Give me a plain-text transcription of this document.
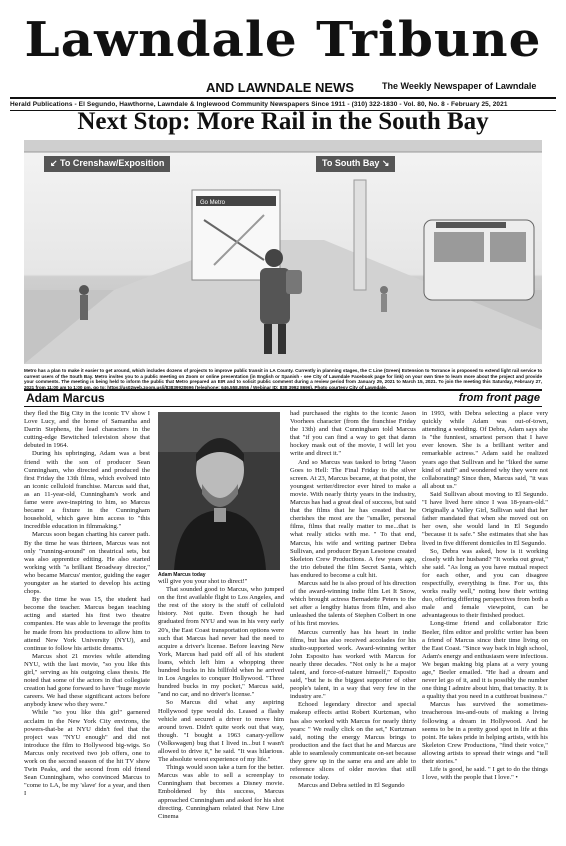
Lawndale Tribune
AND LAWNDALE NEWS	The Weekly Newspaper of Lawndale
Herald Publications - El Segundo, Hawthorne, Lawndale & Inglewood Community Newspapers Since 1911 - (310) 322-1830 - Vol. 80, No. 8 - February 25, 2021
Next Stop: More Rail in the South Bay
Go Metro
↙ To Crenshaw/Exposition	To South Bay ↘
Metro has a plan to make it easier to get around, which includes dozens of projects to improve public transit in LA County. Currently in planning stages, the C Line (Green) Extension to Torrance is proposed to extend light rail service to current users of the South Bay. Metro invites you to a public meeting on Zoom or online presentation (in English or Spanish - see City of Lawndale Facebook page for link) on your own time to learn more about the project and provide your comments. The meeting is being held to inform the public that Metro prepared an EIR and to solicit public comment during a review period from January 29, 2021 to March 15, 2021. To join the meeting this Saturday, February 27, 2021 from 11:00 am to 1:00 pm, go to: https://us02web.zoom.us/j/83839928696 (telephone: 646.558.8656 / Webinar ID: 838 3992 8696). Photo courtesy City of Lawndale.
Adam Marcus	from front page

they fled the Big City in the iconic TV show I Love Lucy, and the home of Samantha and Darrin Stephens, the lead characters in the cutting-edge Bewitched television show that debuted in 1964.

During his upbringing, Adam was a best friend with the son of producer Sean Cunningham, who directed and produced the first Friday the 13th films, which evolved into an iconic celluloid franchise. Marcus said that, as an 11-year-old, Cunningham's work and fame were awe-inspiring to him, so Marcus became a fixture in the Cunningham household, which gave him access to "this incredible education in filmmaking."

Marcus soon began charting his career path. By the time he was thirteen, Marcus was not only "running-around" on theatrical sets, but was also apprentice editing. He also started working with "a brilliant Broadway director," who became Marcus' mentor, guiding the eager youngster as he started to develop his acting chops.

By the time he was 15, the student had become the teacher. Marcus began teaching acting and started his first two theatre companies. He was able to leverage the profits he made from his productions to allow him to attend New York University (NYU), and continue to follow his artistic dreams.

Marcus shot 21 movies while attending NYU, with the last movie, "so you like this girl," serving as his outgoing class thesis. He noted that some of the actors in that collegiate creation had gone forward to have "huge movie careers. We had these significant actors before anybody knew who they were."

While "so you like this girl" garnered acclaim in the New York City environs, the powers-that-be at NYU didn't feel that the project was "NYU enough" and did not introduce the film to Hollywood big-wigs. So Marcus only received two job offers, one to work on the second season of the hit TV show Twin Peaks, and the second from old friend Sean Cunningham, who convinced Marcus to "come to LA, be my 'slave' for a year, and then I

Adam Marcus today

will give you your shot to direct!"

That sounded good to Marcus, who jumped on the first available flight to Los Angeles, and the rest of the story is the stuff of celluloid history. Not quite. Even though he had graduated from NYU and was in his very early 20's, the East Coast transportation options were such that Marcus had never had the need to acquire a driver's license. Before leaving New York, Marcus had paid off all of his student loans, which left him a whopping three hundred bucks in his billfold when he arrived in Los Angeles to conquer Hollywood. "Three hundred bucks in my pocket," Marcus said, "and no car, and no driver's license."

So Marcus did what any aspiring Hollywood type would do. Leased a flashy vehicle and secured a driver to move him around town. Didn't quite work out that way, though. "I bought a 1963 canary-yellow (Volkswagen) bug that I lived in...but I wasn't allowed to drive it," he said. "It was hilarious. The absolute worst experience of my life."

Things would soon take a turn for the better. Marcus was able to sell a screenplay to Cunningham that becomes a Disney movie. Emboldened by this success, Marcus approached Cunningham and asked for his shot directing. Cunningham related that New Line Cinema

had purchased the rights to the iconic Jason Voorhees character (from the franchise Friday the 13th) and that Cunningham told Marcus that "if you can find a way to get that damn hockey mask out of the movie, I will let you write and direct it."

And so Marcus was tasked to bring "Jason Goes to Hell: The Final Friday to the silver screen. At 23, Marcus became, at that point, the youngest writer/director ever hired to make a movie. With nearly thirty years in the industry, Marcus has had a great deal of success, but said that the films that he has created that he cherishes the most are the "smaller, personal films, films that really matter to me...that is what really sticks with me. " To that end, Marcus, his wife and writing partner Debra Sullivan, and producer Bryan Lesotone created Skeleton Crew Productions. A few years ago, the trio debuted the film Secret Santa, which has endured to become a cult hit.

Marcus said he is also proud of his direction of the award-winning indie film Let It Snow, which brought actress Bernadette Peters to the set after a lengthy hiatus from film, and also unleashed the talents of Stephen Colbert in one of his first movies.

Marcus currently has his heart in indie films, but has also received accolades for his studio-supported work. Award-winning writer John Esposito has worked with Marcus for nearly three decades. "Not only is he a major talent, and force-of-nature himself," Esposito said, "but he is the biggest supporter of other people's talent, in a way that very few in the industry are."

Echoed legendary director and special makeup effects artist Robert Kurtzman, who has also worked with Marcus for nearly thirty years: " We really click on the set," Kurtzman said, noting the energy Marcus brings to production and the fact that he and Marcus are able to seamlessly communicate on-set because they grew up in the same era and are able to reference slices of older movies that still resonate today.

Marcus and Debra settled in El Segundo

in 1993, with Debra selecting a place very quickly while Adam was out-of-town, attending a wedding. Of Debra, Adam says she is "the funniest, smartest person that I have ever known. She is a brilliant writer and remarkable actress." Adam said he realized years ago that Sullivan and he "liked the same kind of stuff" and wondered why they were not collaborating? Since then, Marcus said, "it was all about us."

Said Sullivan about moving to El Segundo. "I have lived here since I was 18-years-old." Originally a Valley Girl, Sullivan said that her father mandated that when she moved out on her own, she would land in El Segundo "because it is safe." She estimates that she has lived in five different domiciles in El Segundo.

So, Debra was asked, how is it working closely with her husband? "It works out great," she said. "As long as you have mutual respect for each other, and you can disagree respectfully, everything is fine. For us, this works really well," noting how their writing duo, offering differing perspectives from both a male and female viewpoint, can be advantageous to their finished product.

Long-time friend and collaborator Eric Beeler, film editor and prolific writer has been a friend of Marcus since their time living on the East Coast. "Since way back in high school, Adam's energy and enthusiasm were infectious. We began making big plans at a very young age," Beeler emailed. "He had a dream and never let go of it, and it is possibly the number one thing I admire about him, that tenacity. It is a quality that you need in a cutthroat business."

Marcus has survived the sometimes-treacherous ins-and-outs of making a living following a dream in Hollywood. And he seems to be in a pretty good spot in life at this point. He takes pride in helping artists, with his Skeleton Crew Productions, "find their voice," allowing artists to spread their wings and "tell their stories."

Life is good, he said. " I get to do the things I love, with the people that I love." •
